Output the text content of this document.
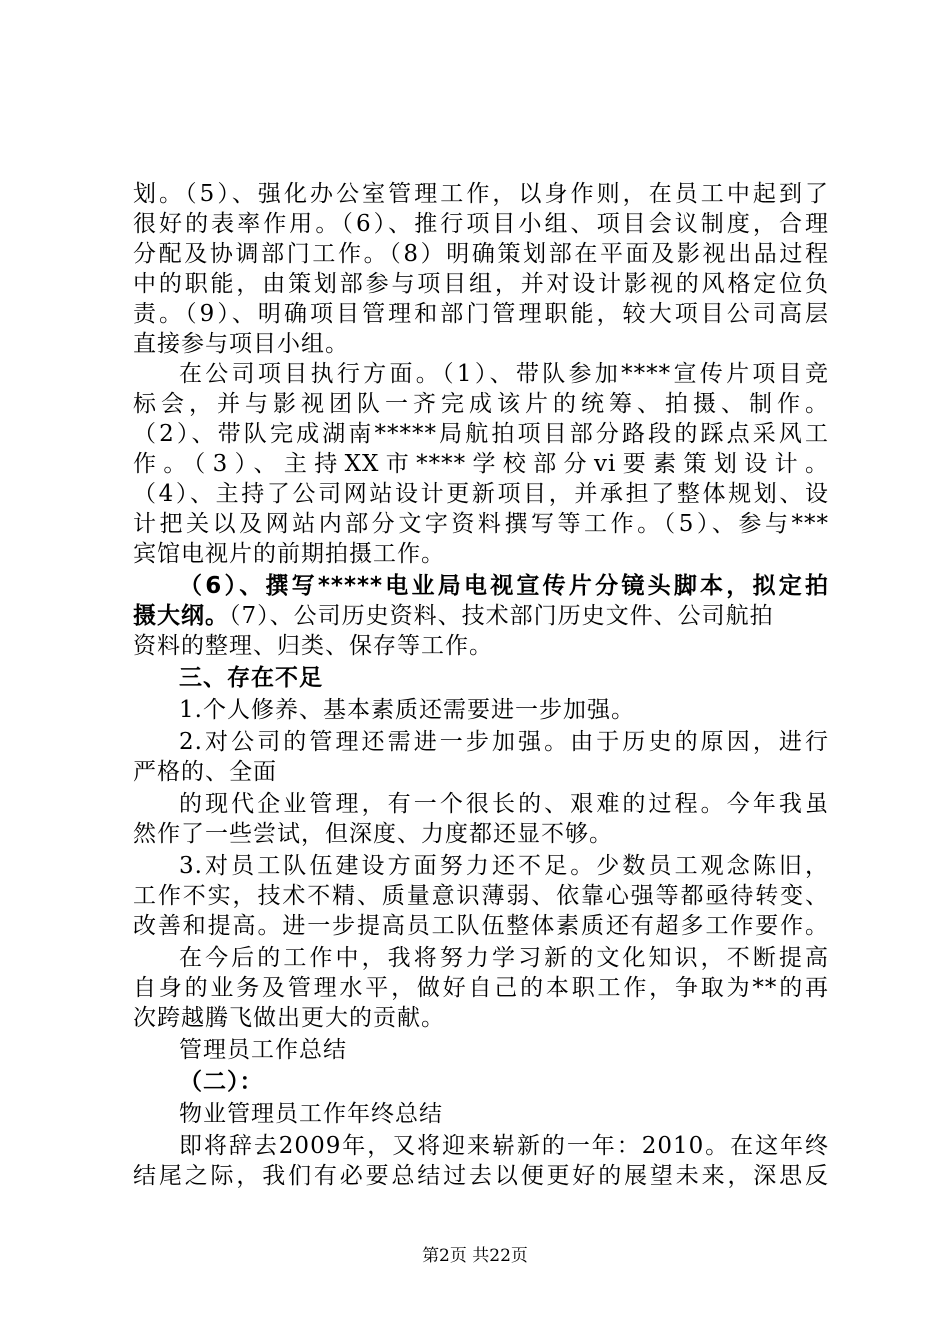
划。（5）、强化办公室管理工作，以身作则，在员工中起到了
很好的表率作用。（6）、推行项目小组、项目会议制度，合理
分配及协调部门工作。（8）明确策划部在平面及影视出品过程
中的职能，由策划部参与项目组，并对设计影视的风格定位负
责。（9）、明确项目管理和部门管理职能，较大项目公司高层
直接参与项目小组。
在公司项目执行方面。（1）、带队参加****宣传片项目竞
标会，并与影视团队一齐完成该片的统筹、拍摄、制作。
（2）、带队完成湖南*****局航拍项目部分路段的踩点采风工
作。（3）、主持XX市****学校部分vi要素策划设计。
（4）、主持了公司网站设计更新项目，并承担了整体规划、设
计把关以及网站内部分文字资料撰写等工作。（5）、参与***
宾馆电视片的前期拍摄工作。
（6）、撰写*****电业局电视宣传片分镜头脚本，拟定拍
摄大纲。（7）、公司历史资料、技术部门历史文件、公司航拍
资料的整理、归类、保存等工作。
三、存在不足
1.个人修养、基本素质还需要进一步加强。
2.对公司的管理还需进一步加强。由于历史的原因，进行
严格的、全面
的现代企业管理，有一个很长的、艰难的过程。今年我虽
然作了一些尝试，但深度、力度都还显不够。
3.对员工队伍建设方面努力还不足。少数员工观念陈旧，
工作不实，技术不精、质量意识薄弱、依靠心强等都亟待转变、
改善和提高。进一步提高员工队伍整体素质还有超多工作要作。
在今后的工作中，我将努力学习新的文化知识，不断提高
自身的业务及管理水平，做好自己的本职工作，争取为**的再
次跨越腾飞做出更大的贡献。
管理员工作总结
（二）：
物业管理员工作年终总结
即将辞去2009年，又将迎来崭新的一年：2010。在这年终
结尾之际，我们有必要总结过去以便更好的展望未来，深思反
第2页 共22页
